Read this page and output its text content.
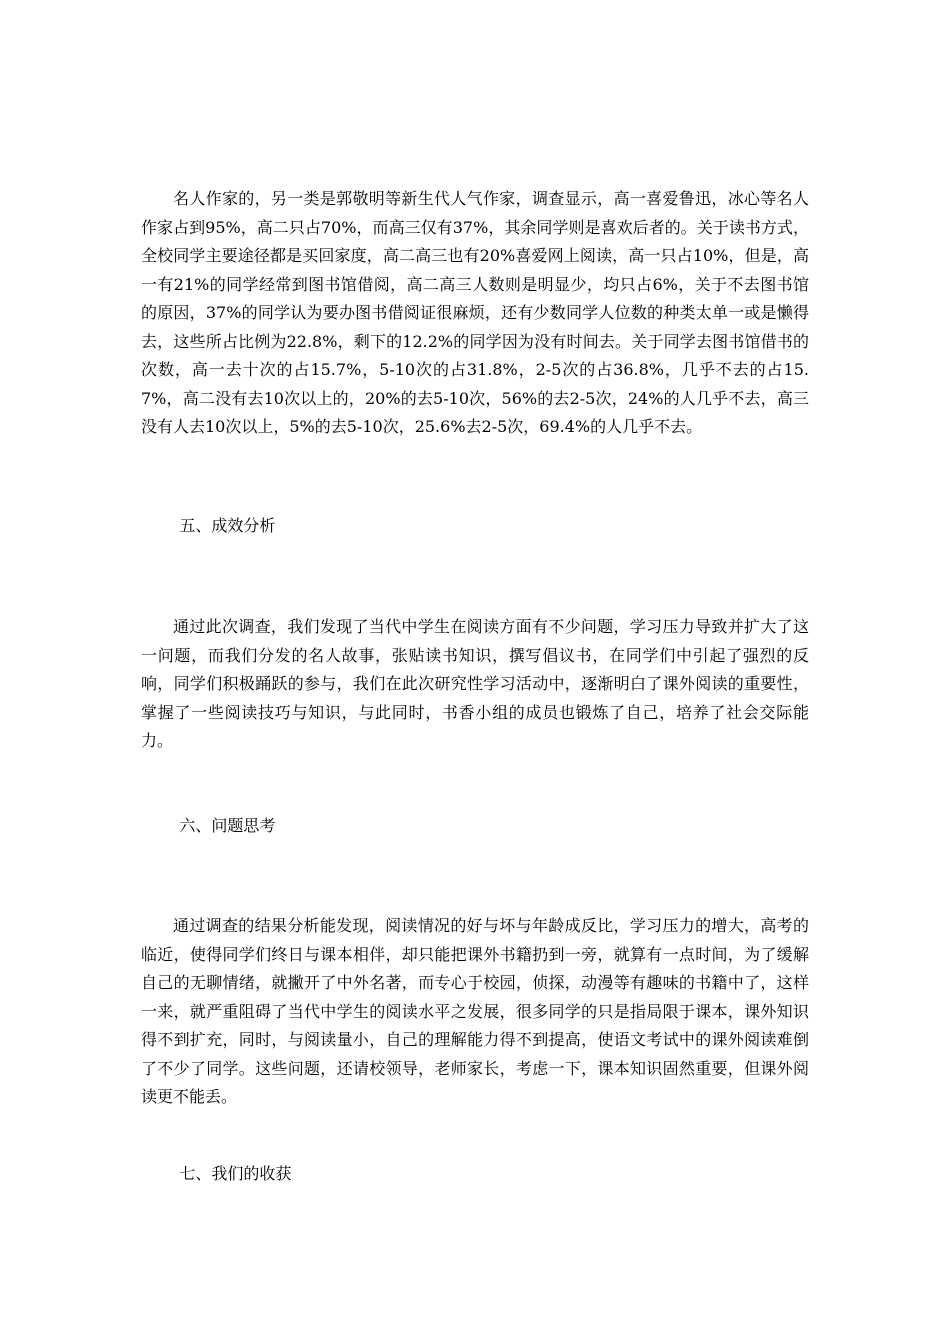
名人作家的，另一类是郭敬明等新生代人气作家，调查显示，高一喜爱鲁迅，冰心等名人作家占到95%，高二只占70%，而高三仅有37%，其余同学则是喜欢后者的。关于读书方式，全校同学主要途径都是买回家度，高二高三也有20%喜爱网上阅读，高一只占10%，但是，高一有21%的同学经常到图书馆借阅，高二高三人数则是明显少，均只占6%，关于不去图书馆的原因，37%的同学认为要办图书借阅证很麻烦，还有少数同学人位数的种类太单一或是懒得去，这些所占比例为22.8%，剩下的12.2%的同学因为没有时间去。关于同学去图书馆借书的次数，高一去十次的占15.7%，5-10次的占31.8%，2-5次的占36.8%，几乎不去的占15.7%，高二没有去10次以上的，20%的去5-10次，56%的去2-5次，24%的人几乎不去，高三没有人去10次以上，5%的去5-10次，25.6%去2-5次，69.4%的人几乎不去。

五、成效分析

通过此次调查，我们发现了当代中学生在阅读方面有不少问题，学习压力导致并扩大了这一问题，而我们分发的名人故事，张贴读书知识，撰写倡议书，在同学们中引起了强烈的反响，同学们积极踊跃的参与，我们在此次研究性学习活动中，逐渐明白了课外阅读的重要性，掌握了一些阅读技巧与知识，与此同时，书香小组的成员也锻炼了自己，培养了社会交际能力。

六、问题思考

通过调查的结果分析能发现，阅读情况的好与坏与年龄成反比，学习压力的增大，高考的临近，使得同学们终日与课本相伴，却只能把课外书籍扔到一旁，就算有一点时间，为了缓解自己的无聊情绪，就撇开了中外名著，而专心于校园，侦探，动漫等有趣味的书籍中了，这样一来，就严重阻碍了当代中学生的阅读水平之发展，很多同学的只是指局限于课本，课外知识得不到扩充，同时，与阅读量小，自己的理解能力得不到提高，使语文考试中的课外阅读难倒了不少了同学。这些问题，还请校领导，老师家长，考虑一下，课本知识固然重要，但课外阅读更不能丢。

七、我们的收获
